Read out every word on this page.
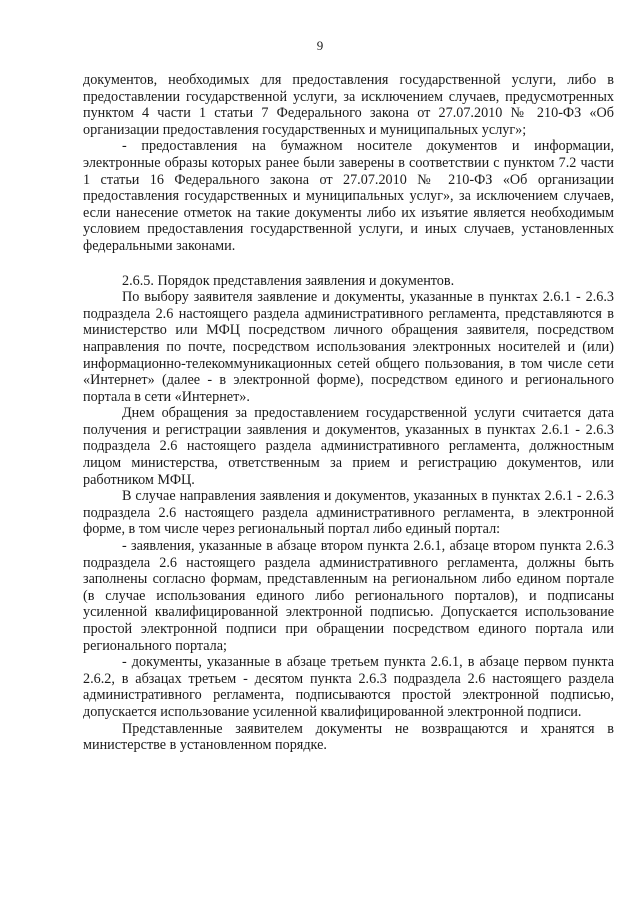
9

документов, необходимых для предоставления государственной услуги, либо в предоставлении государственной услуги, за исключением случаев, предусмотренных пунктом 4 части 1 статьи 7 Федерального закона от 27.07.2010 № 210-ФЗ «Об организации предоставления государственных и муниципальных услуг»;

- предоставления на бумажном носителе документов и информации, электронные образы которых ранее были заверены в соответствии с пунктом 7.2 части 1 статьи 16 Федерального закона от 27.07.2010 № 210-ФЗ «Об организации предоставления государственных и муниципальных услуг», за исключением случаев, если нанесение отметок на такие документы либо их изъятие является необходимым условием предоставления государственной услуги, и иных случаев, установленных федеральными законами.

2.6.5. Порядок представления заявления и документов.

По выбору заявителя заявление и документы, указанные в пунктах 2.6.1 - 2.6.3 подраздела 2.6 настоящего раздела административного регламента, представляются в министерство или МФЦ посредством личного обращения заявителя, посредством направления по почте, посредством использования электронных носителей и (или) информационно-телекоммуникационных сетей общего пользования, в том числе сети «Интернет» (далее - в электронной форме), посредством единого и регионального портала в сети «Интернет».

Днем обращения за предоставлением государственной услуги считается дата получения и регистрации заявления и документов, указанных в пунктах 2.6.1 - 2.6.3 подраздела 2.6 настоящего раздела административного регламента, должностным лицом министерства, ответственным за прием и регистрацию документов, или работником МФЦ.

В случае направления заявления и документов, указанных в пунктах 2.6.1 - 2.6.3 подраздела 2.6 настоящего раздела административного регламента, в электронной форме, в том числе через региональный портал либо единый портал:

- заявления, указанные в абзаце втором пункта 2.6.1, абзаце втором пункта 2.6.3 подраздела 2.6 настоящего раздела административного регламента, должны быть заполнены согласно формам, представленным на региональном либо едином портале (в случае использования единого либо регионального порталов), и подписаны усиленной квалифицированной электронной подписью. Допускается использование простой электронной подписи при обращении посредством единого портала или регионального портала;

- документы, указанные в абзаце третьем пункта 2.6.1, в абзаце первом пункта 2.6.2, в абзацах третьем - десятом пункта 2.6.3 подраздела 2.6 настоящего раздела административного регламента, подписываются простой электронной подписью, допускается использование усиленной квалифицированной электронной подписи.

Представленные заявителем документы не возвращаются и хранятся в министерстве в установленном порядке.
